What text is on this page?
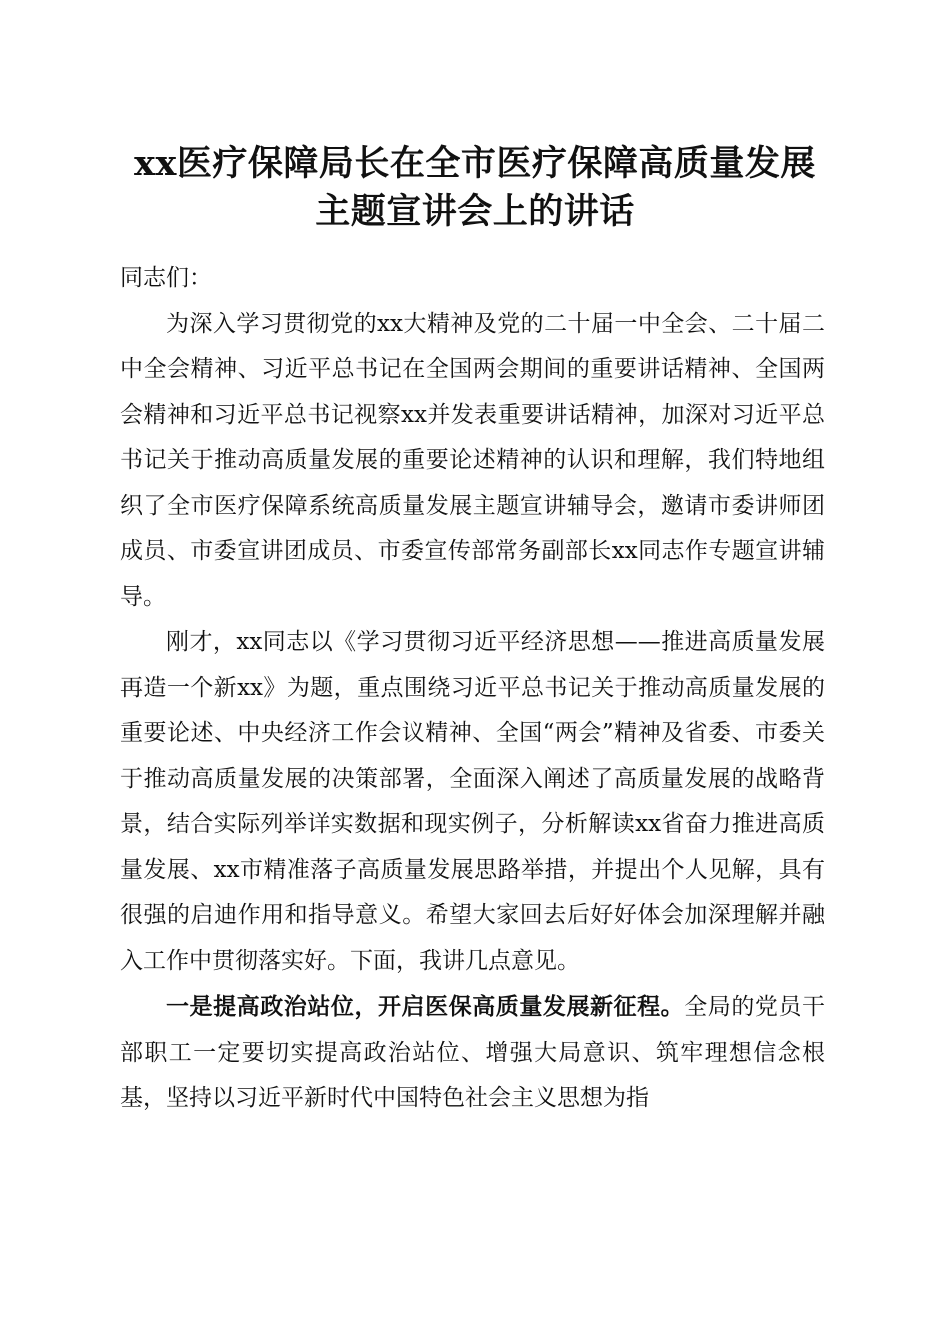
xx医疗保障局长在全市医疗保障高质量发展
主题宣讲会上的讲话

同志们：

为深入学习贯彻党的xx大精神及党的二十届一中全会、二十届二中全会精神、习近平总书记在全国两会期间的重要讲话精神、全国两会精神和习近平总书记视察xx并发表重要讲话精神，加深对习近平总书记关于推动高质量发展的重要论述精神的认识和理解，我们特地组织了全市医疗保障系统高质量发展主题宣讲辅导会，邀请市委讲师团成员、市委宣讲团成员、市委宣传部常务副部长xx同志作专题宣讲辅导。

刚才，xx同志以《学习贯彻习近平经济思想——推进高质量发展再造一个新xx》为题，重点围绕习近平总书记关于推动高质量发展的重要论述、中央经济工作会议精神、全国“两会”精神及省委、市委关于推动高质量发展的决策部署，全面深入阐述了高质量发展的战略背景，结合实际列举详实数据和现实例子，分析解读xx省奋力推进高质量发展、xx市精准落子高质量发展思路举措，并提出个人见解，具有很强的启迪作用和指导意义。希望大家回去后好好体会加深理解并融入工作中贯彻落实好。下面，我讲几点意见。

一是提高政治站位，开启医保高质量发展新征程。全局的党员干部职工一定要切实提高政治站位、增强大局意识、筑牢理想信念根基，坚持以习近平新时代中国特色社会主义思想为指
